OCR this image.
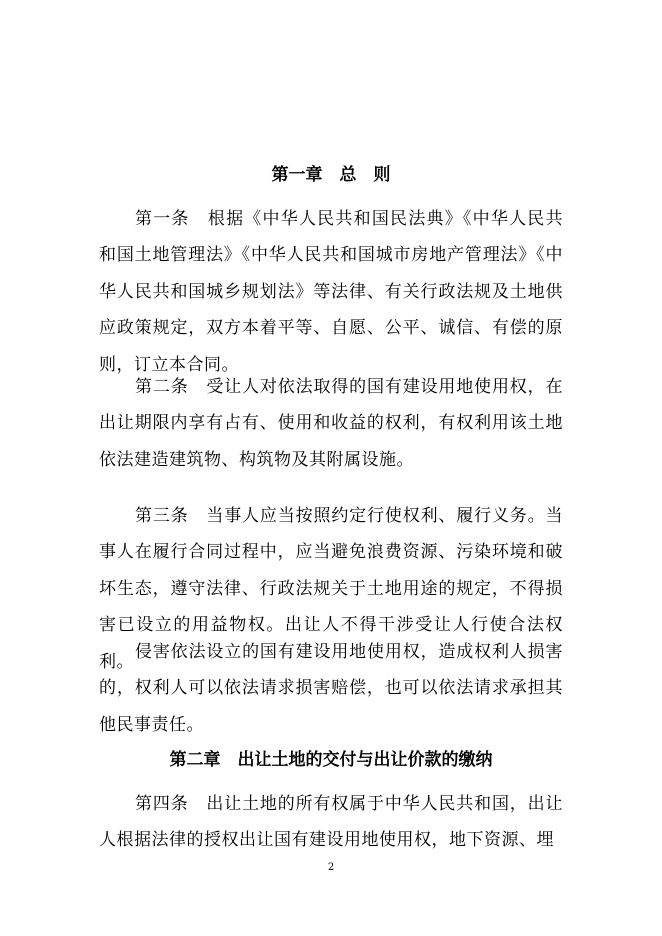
第一章　总　则

第一条　根据《中华人民共和国民法典》《中华人民共和国土地管理法》《中华人民共和国城市房地产管理法》《中华人民共和国城乡规划法》等法律、有关行政法规及土地供应政策规定，双方本着平等、自愿、公平、诚信、有偿的原则，订立本合同。

第二条　受让人对依法取得的国有建设用地使用权，在出让期限内享有占有、使用和收益的权利，有权利用该土地依法建造建筑物、构筑物及其附属设施。

第三条　当事人应当按照约定行使权利、履行义务。当事人在履行合同过程中，应当避免浪费资源、污染环境和破坏生态，遵守法律、行政法规关于土地用途的规定，不得损害已设立的用益物权。出让人不得干涉受让人行使合法权利。 侵害依法设立的国有建设用地使用权，造成权利人损害的，权利人可以依法请求损害赔偿，也可以依法请求承担其他民事责任。

第二章　出让土地的交付与出让价款的缴纳

第四条　出让土地的所有权属于中华人民共和国，出让人根据法律的授权出让国有建设用地使用权，地下资源、埋

2
